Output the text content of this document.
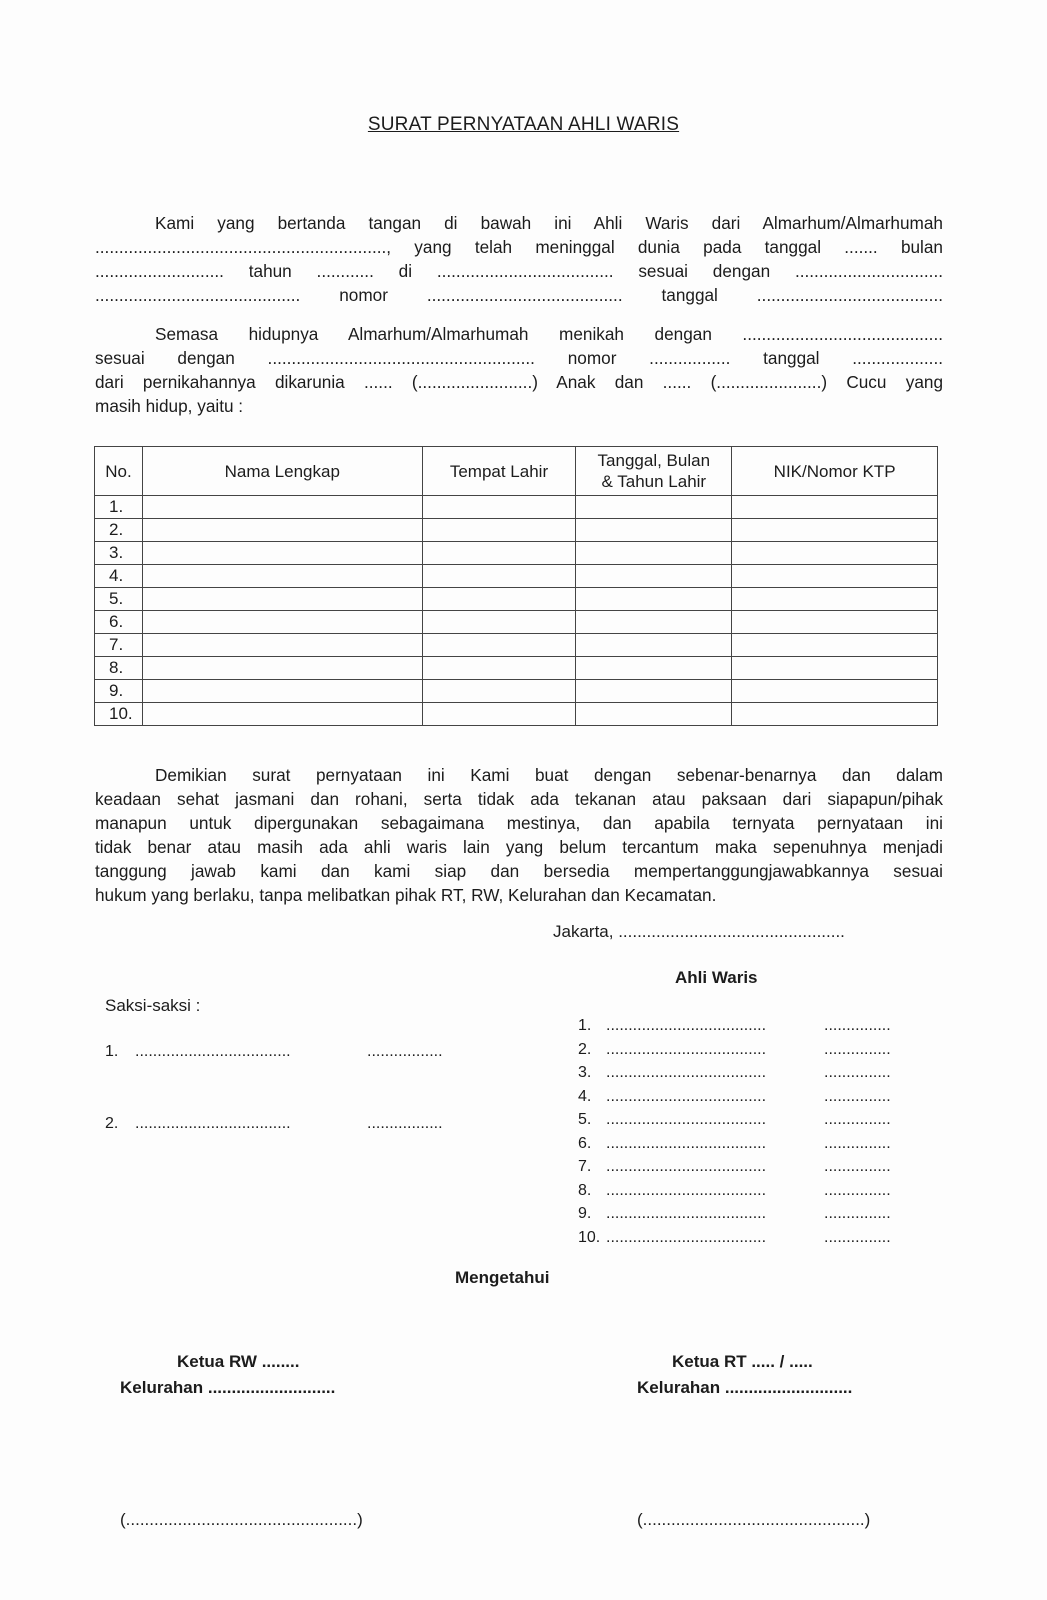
SURAT PERNYATAAN AHLI WARIS
Kami yang bertanda tangan di bawah ini Ahli Waris dari Almarhum/Almarhumah
............................................................., yang telah meninggal dunia pada tanggal ....... bulan
........................... tahun ............ di ..................................... sesuai dengan ...............................
........................................... nomor ......................................... tanggal .......................................
Semasa hidupnya Almarhum/Almarhumah menikah dengan ..........................................
sesuai dengan ........................................................ nomor ................. tanggal ...................
dari pernikahannya dikarunia ...... (........................) Anak dan ...... (......................) Cucu yang
masih hidup, yaitu :
No.	Nama Lengkap	Tempat Lahir	Tanggal, Bulan
& Tahun Lahir	NIK/Nomor KTP
1.				
2.				
3.				
4.				
5.				
6.				
7.				
8.				
9.				
10.				
Demikian surat pernyataan ini Kami buat dengan sebenar-benarnya dan dalam
keadaan sehat jasmani dan rohani, serta tidak ada tekanan atau paksaan dari siapapun/pihak
manapun untuk dipergunakan sebagaimana mestinya, dan apabila ternyata pernyataan ini
tidak benar atau masih ada ahli waris lain yang belum tercantum maka sepenuhnya menjadi
tanggung jawab kami dan kami siap dan bersedia mempertanggungjawabkannya sesuai
hukum yang berlaku, tanpa melibatkan pihak RT, RW, Kelurahan dan Kecamatan.
Jakarta, ................................................
Ahli Waris
Saksi-saksi :
1. ...................................	.................
2. ...................................	.................
1. ....................................	...............
2. ....................................	...............
3. ....................................	...............
4. ....................................	...............
5. ....................................	...............
6. ....................................	...............
7. ....................................	...............
8. ....................................	...............
9. ....................................	...............
10. ....................................	...............
Mengetahui
Ketua RW ........
Kelurahan ...........................
Ketua RT ..... / .....
Kelurahan ...........................
(.................................................)	(...............................................)
